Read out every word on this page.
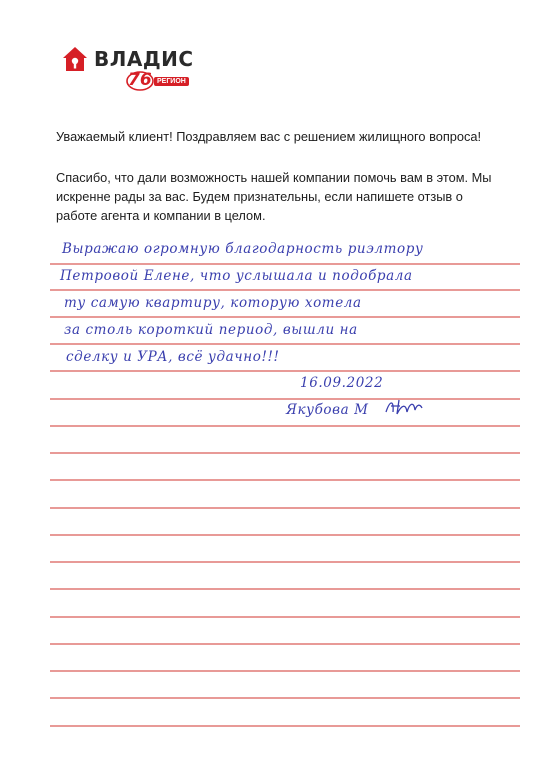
ВЛАДИС
76 РЕГИОН

Уважаемый клиент! Поздравляем вас с решением жилищного вопроса!

Спасибо, что дали возможность нашей компании помочь вам в этом. Мы искренне рады за вас. Будем признательны, если напишете отзыв о работе агента и компании в целом.

Выражаю огромную благодарность риэлтору

Петровой Елене, что услышала и подобрала

ту самую квартиру, которую хотела

за столь короткий период, вышли на

сделку и УРА, всё удачно!!!

16.09.2022

Якубова М
